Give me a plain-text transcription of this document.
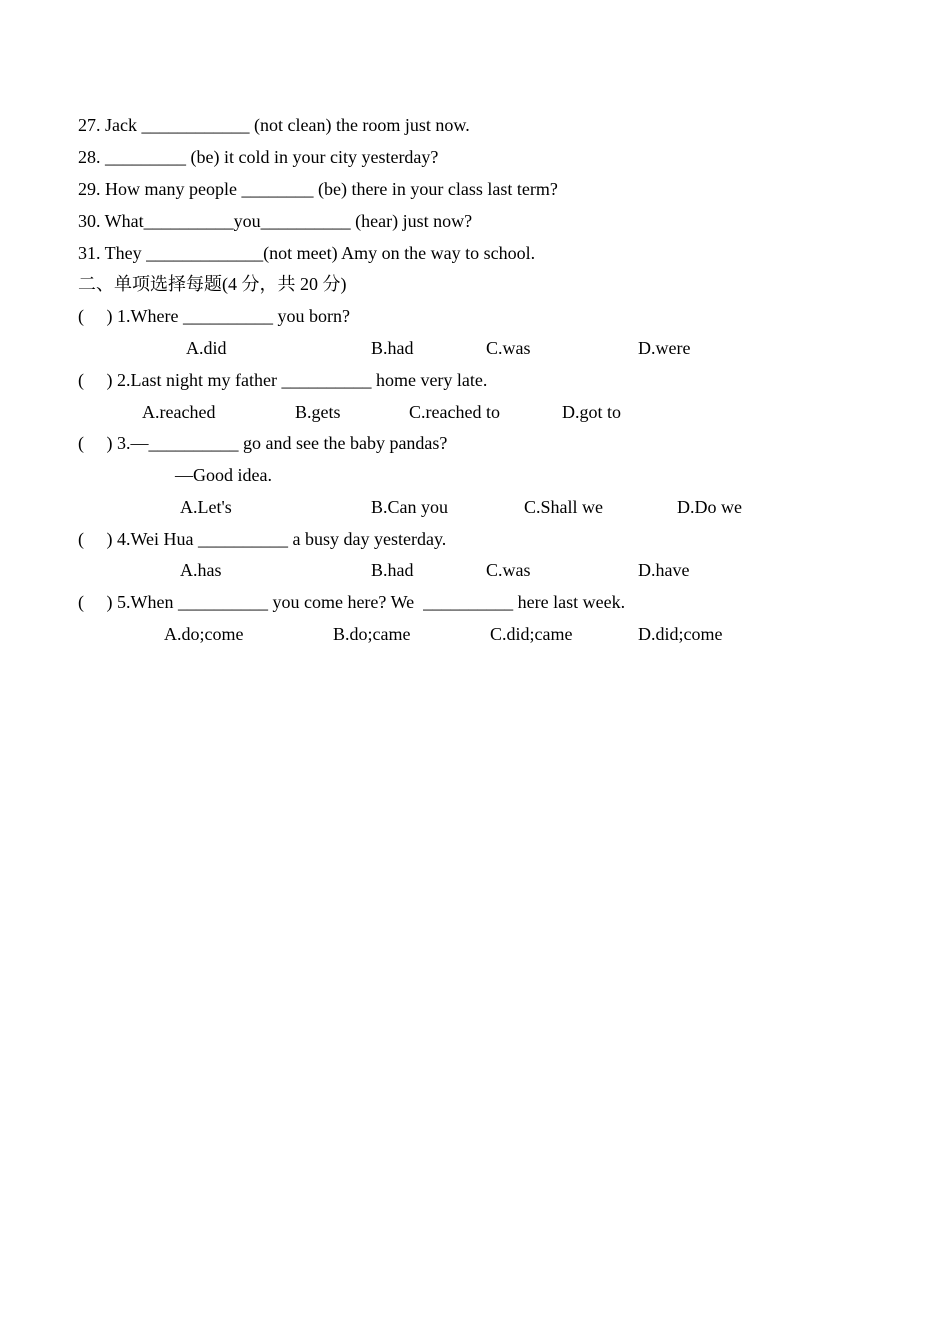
27. Jack ____________ (not clean) the room just now.
28. _________ (be) it cold in your city yesterday?
29. How many people ________ (be) there in your class last term?
30. What__________you__________ (hear) just now?
31. They _____________(not meet) Amy on the way to school.
二、单项选择每题(4 分，共 20 分)
(     ) 1.Where __________ you born?
A.did	B.had	C.was	D.were
(     ) 2.Last night my father __________ home very late.
A.reached	B.gets	C.reached to	D.got to
(     ) 3.—__________ go and see the baby pandas?
—Good idea.
A.Let's	B.Can you	C.Shall we	D.Do we
(     ) 4.Wei Hua __________ a busy day yesterday.
A.has	B.had	C.was	D.have
(     ) 5.When __________ you come here? We  __________ here last week.
A.do;come	B.do;came	C.did;came	D.did;come
